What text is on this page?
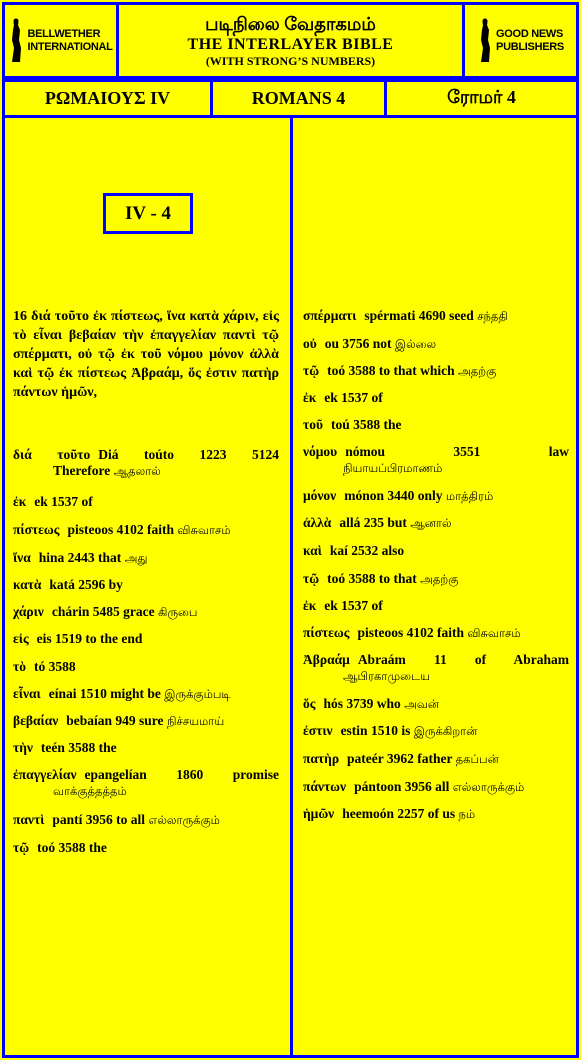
BELLWETHER
INTERNATIONAL
படிநிலை வேதாகமம்
THE INTERLAYER BIBLE
(WITH STRONG’S NUMBERS)
GOOD NEWS
PUBLISHERS
ΡΩΜΑΙΟΥΣ IV	ROMANS 4	ரோமர் 4
IV - 4
16 διά τοῦτο ἐκ πίστεως, ἵνα κατὰ χάριν, εἰς τὸ εἶναι βεβαίαν τὴν ἐπαγγελίαν παντὶ τῷ σπέρματι, οὐ τῷ ἐκ τοῦ νόμου μόνον ἀλλὰ καὶ τῷ ἐκ πίστεως Ἀβραάμ, ὅς ἐστιν πατὴρ πάντων ἡμῶν,
διά τοῦτο Diá toúto 1223 5124
Therefore ஆதலால்
ἐκ ek 1537 of
πίστεως pisteoos 4102 faith விசுவாசம்
ἵνα hina 2443 that அது
κατὰ katá 2596 by
χάριν chárin 5485 grace கிருபை
εἰς eis 1519 to the end
τὸ tó 3588
εἶναι eínai 1510 might be இருக்கும்படி
βεβαίαν bebaían 949 sure நிச்சயமாய்
τὴν teén 3588 the
ἐπαγγελίαν epangelían 1860 promise
வாக்குத்தத்தம்
παντὶ pantí 3956 to all எல்லாருக்கும்
τῷ toó 3588 the
σπέρματι spérmati 4690 seed சந்ததி
οὐ ou 3756 not இல்லை
τῷ toó 3588 to that which அதற்கு
ἐκ ek 1537 of
τοῦ toú 3588 the
νόμου nómou 3551 law
நியாயப்பிரமாணம்
μόνον mónon 3440 only மாத்திரம்
ἀλλὰ allá 235 but ஆனால்
καὶ kaí 2532 also
τῷ toó 3588 to that அதற்கு
ἐκ ek 1537 of
πίστεως pisteoos 4102 faith விசுவாசம்
Ἀβραάμ Abraám 11 of Abraham
ஆபிரகாமுடைய
ὅς hós 3739 who அவன்
ἐστιν estin 1510 is இருக்கிறான்
πατὴρ pateér 3962 father தகப்பன்
πάντων pántoon 3956 all எல்லாருக்கும்
ἡμῶν heemoón 2257 of us நம்
